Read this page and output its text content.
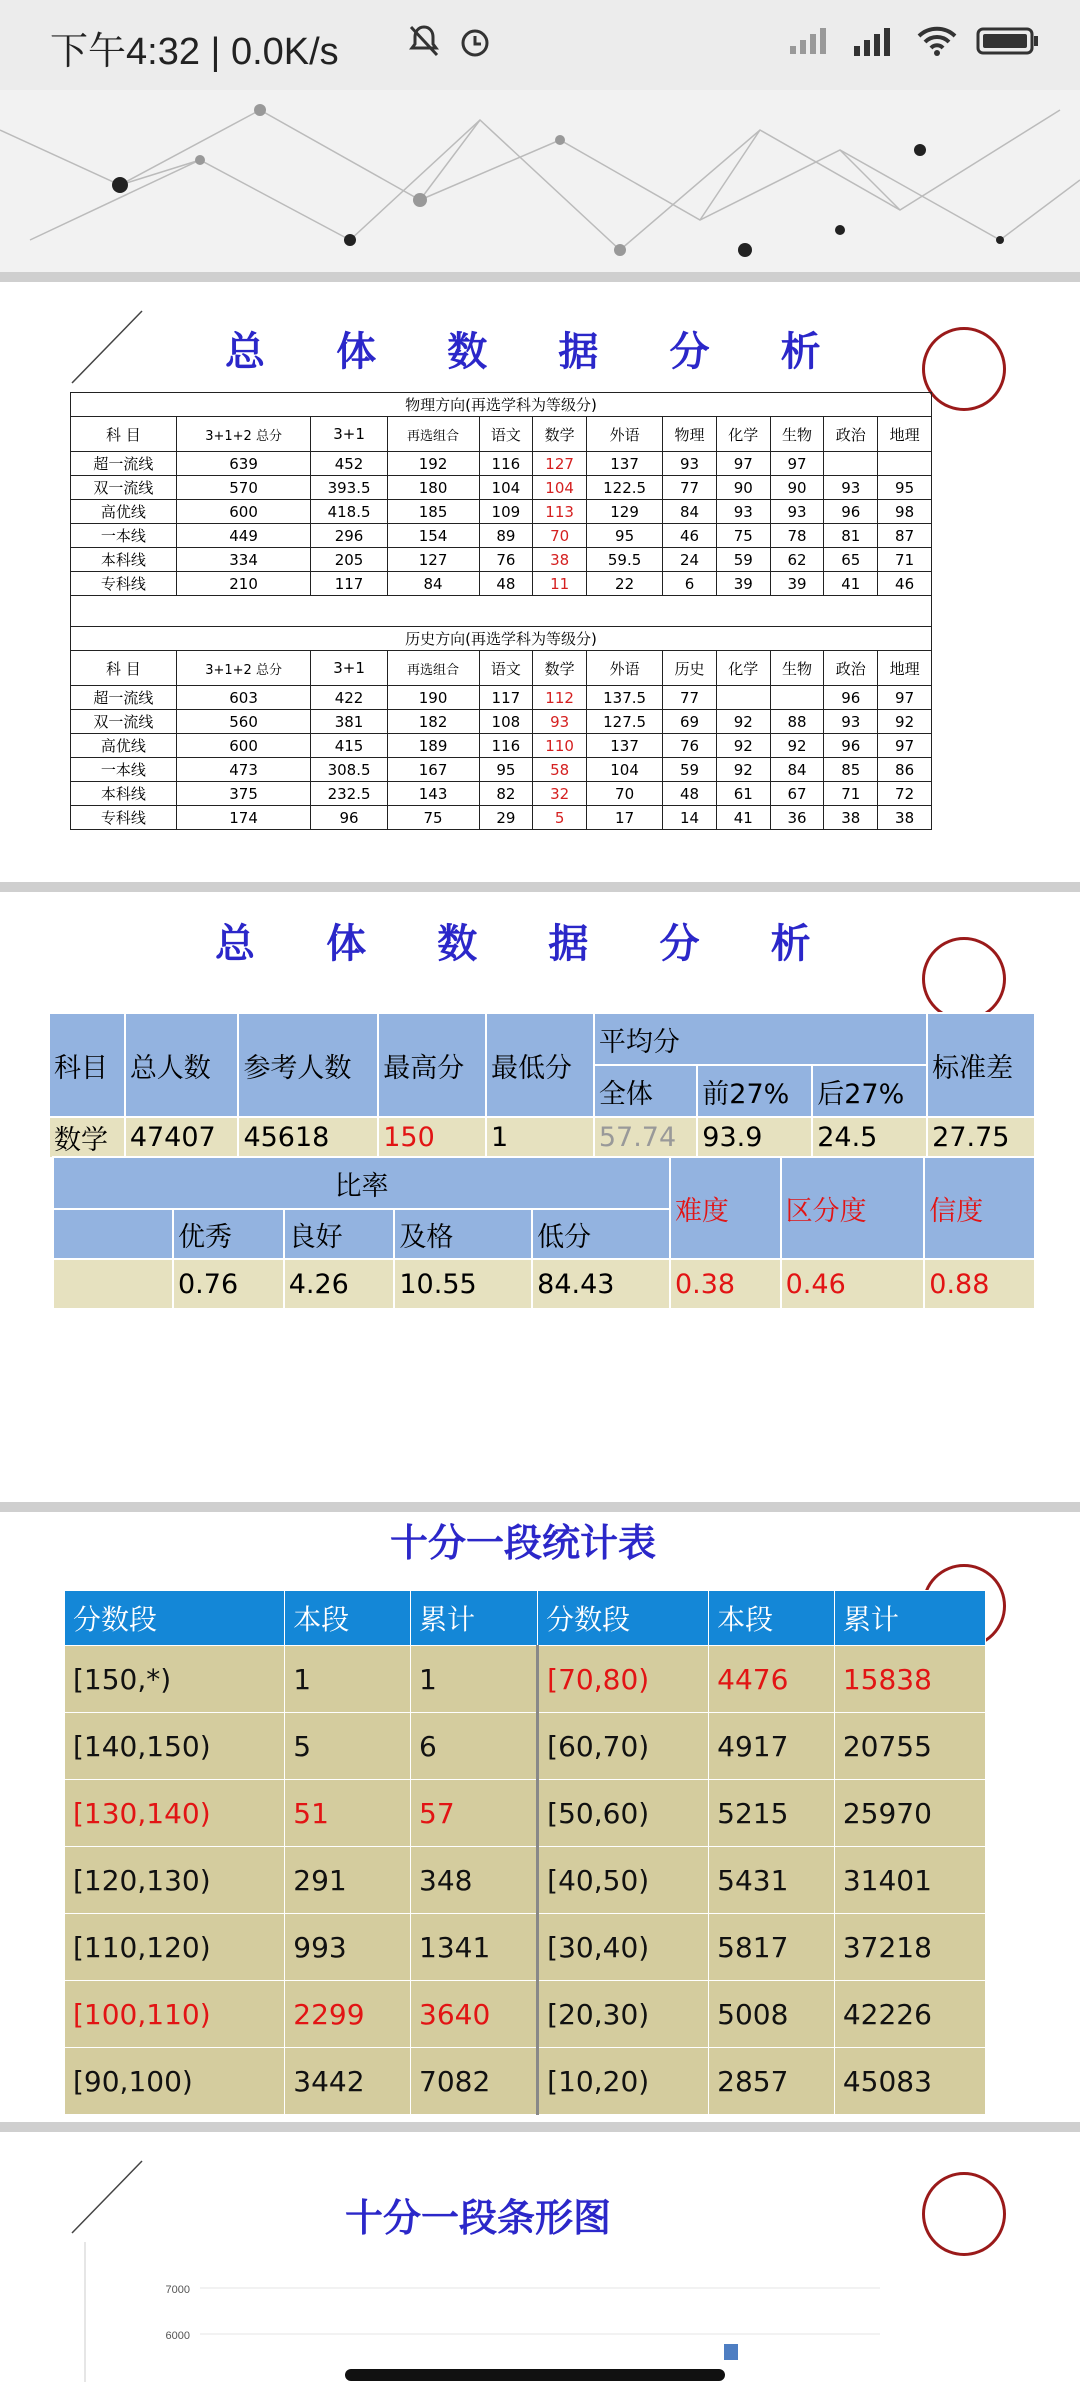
下午4:32 | 0.0K/s
总 体 数 据 分 析
物理方向(再选学科为等级分)											
科 目	3+1+2 总分	3+1	再选组合	语文	数学	外语	物理	化学	生物	政治	地理
超一流线	639	452	192	116	127	137	93	97	97		
双一流线	570	393.5	180	104	104	122.5	77	90	90	93	95
高优线	600	418.5	185	109	113	129	84	93	93	96	98
一本线	449	296	154	89	70	95	46	75	78	81	87
本科线	334	205	127	76	38	59.5	24	59	62	65	71
专科线	210	117	84	48	11	22	6	39	39	41	46

历史方向(再选学科为等级分)											
科 目	3+1+2 总分	3+1	再选组合	语文	数学	外语	历史	化学	生物	政治	地理
超一流线	603	422	190	117	112	137.5	77			96	97
双一流线	560	381	182	108	93	127.5	69	92	88	93	92
高优线	600	415	189	116	110	137	76	92	92	96	97
一本线	473	308.5	167	95	58	104	59	92	84	85	86
本科线	375	232.5	143	82	32	70	48	61	67	71	72
专科线	174	96	75	29	5	17	14	41	36	38	38
总 体 数 据 分 析
科目	总人数	参考人数	最高分	最低分	平均分			标准差
					全体	前27%	后27%	
数学	47407	45618	150	1	57.74	93.9	24.5	27.75
比率					难度	区分度	信度
	优秀	良好	及格	低分			
	0.76	4.26	10.55	84.43	0.38	0.46	0.88
十分一段统计表
分数段	本段	累计	分数段	本段	累计
[150,*)	1	1	[70,80)	4476	15838
[140,150)	5	6	[60,70)	4917	20755
[130,140)	51	57	[50,60)	5215	25970
[120,130)	291	348	[40,50)	5431	31401
[110,120)	993	1341	[30,40)	5817	37218
[100,110)	2299	3640	[20,30)	5008	42226
[90,100)	3442	7082	[10,20)	2857	45083
十分一段条形图
7000
6000
